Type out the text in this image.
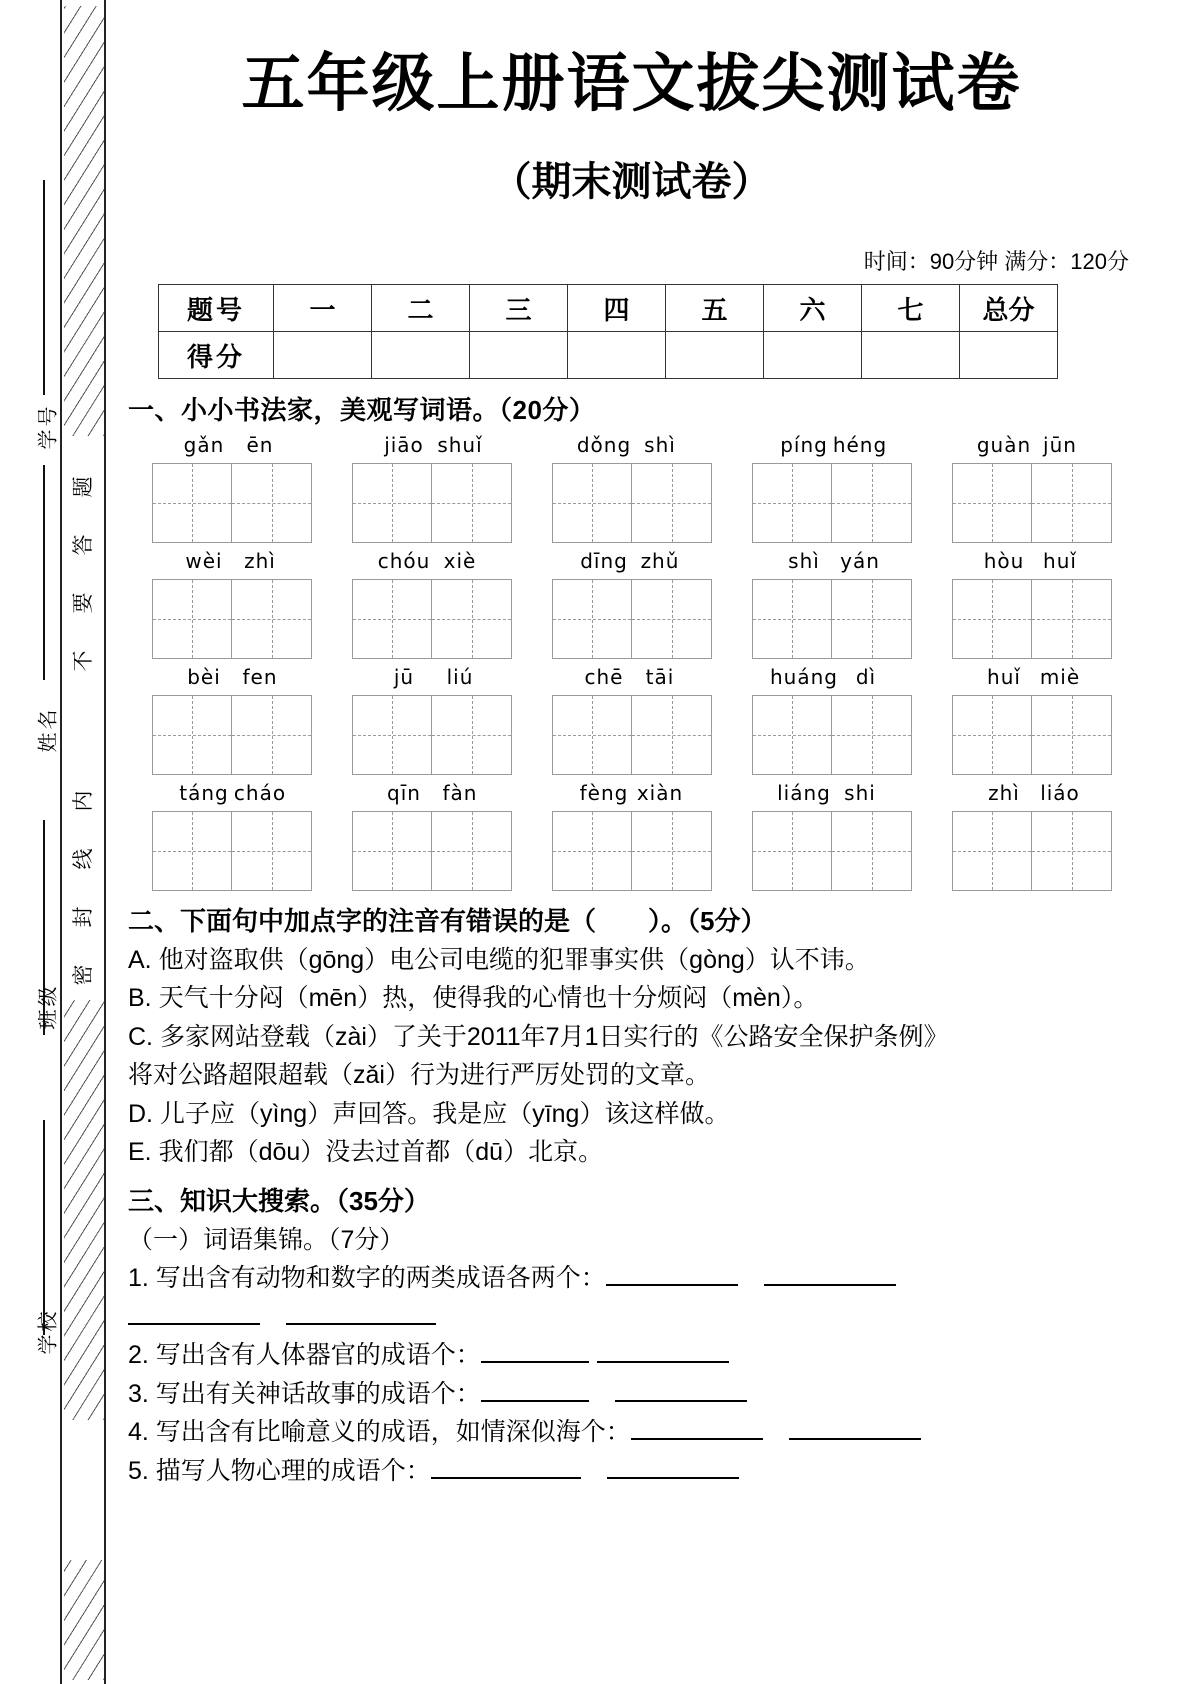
题
答
要
不
内
线
封
密
学号
姓名
班级
学校
五年级上册语文拔尖测试卷
（期末测试卷）
时间：90分钟 满分：120分
题号	一	二	三	四	五	六	七	总分
得分								
一、小小书法家，美观写词语。（20分）
gǎn ēn	jiāo shuǐ	dǒng shì	píng héng	guàn jūn
wèi zhì	chóu xiè	dīng zhǔ	shì yán	hòu huǐ
bèi fen	jū liú	chē tāi	huáng dì	huǐ miè
táng cháo	qīn fàn	fèng xiàn	liáng shi	zhì liáo
二、下面句中加点字的注音有错误的是（　　）。（5分）
A. 他对盗取供（gōng）电公司电缆的犯罪事实供（gòng）认不讳。
B. 天气十分闷（mēn）热，使得我的心情也十分烦闷（mèn）。
C. 多家网站登载（zài）了关于2011年7月1日实行的《公路安全保护条例》
将对公路超限超载（zǎi）行为进行严厉处罚的文章。
D. 儿子应（yìng）声回答。我是应（yīng）该这样做。
E. 我们都（dōu）没去过首都（dū）北京。
三、知识大搜索。（35分）
（一）词语集锦。（7分）
1. 写出含有动物和数字的两类成语各两个：
2. 写出含有人体器官的成语个：
3. 写出有关神话故事的成语个：
4. 写出含有比喻意义的成语，如情深似海个：
5. 描写人物心理的成语个：
